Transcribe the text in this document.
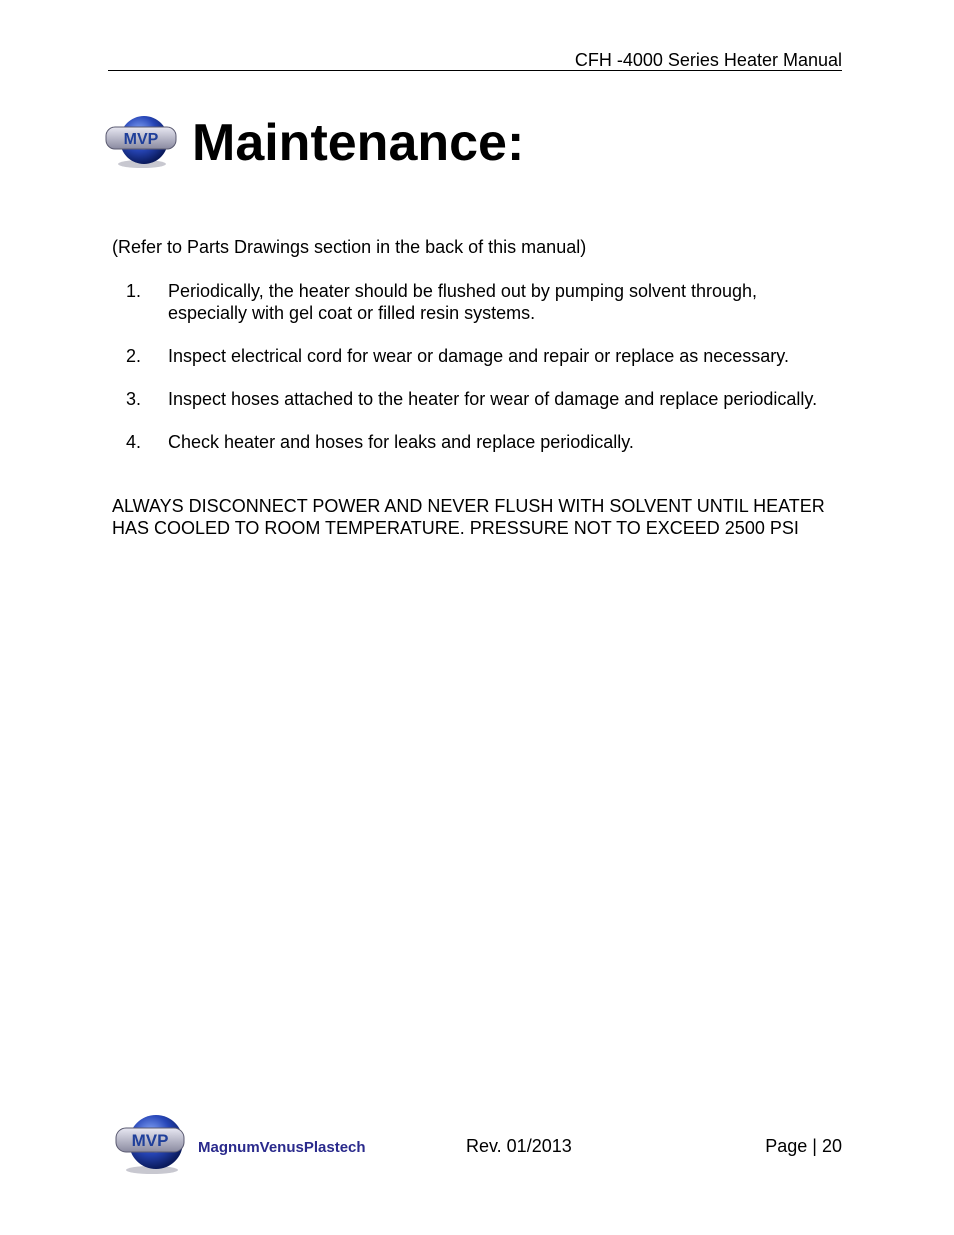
CFH -4000 Series Heater Manual
MVP Maintenance:
(Refer to Parts Drawings section in the back of this manual)
1. Periodically, the heater should be flushed out by pumping solvent through, especially with gel coat or filled resin systems.
2. Inspect electrical cord for wear or damage and repair or replace as necessary.
3. Inspect hoses attached to the heater for wear of damage and replace periodically.
4. Check heater and hoses for leaks and replace periodically.
ALWAYS DISCONNECT POWER AND NEVER FLUSH WITH SOLVENT UNTIL HEATER HAS COOLED TO ROOM TEMPERATURE. PRESSURE NOT TO EXCEED 2500 PSI
MVP MagnumVenusPlastech	Rev. 01/2013	Page | 20
